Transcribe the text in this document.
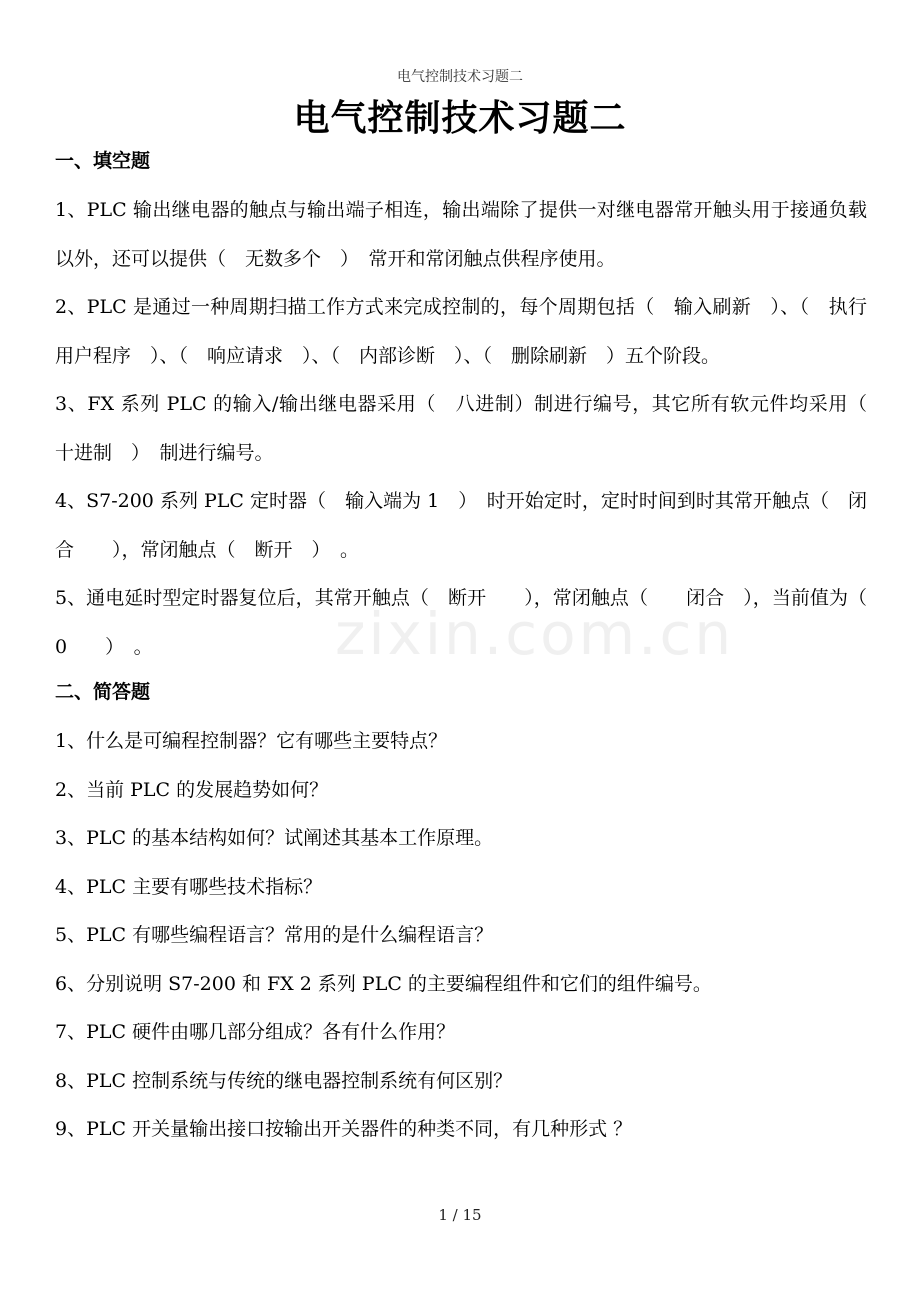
zixin.com.cn
电气控制技术习题二
电气控制技术习题二
一、填空题

1、PLC 输出继电器的触点与输出端子相连，输出端除了提供一对继电器常开触头用于接通负载以外，还可以提供（　无数多个　）　常开和常闭触点供程序使用。

2、PLC 是通过一种周期扫描工作方式来完成控制的，每个周期包括（　输入刷新　）、（　执行用户程序　）、（　响应请求　）、（　内部诊断　）、（　删除刷新　）五个阶段。

3、FX 系列 PLC 的输入/输出继电器采用（　八进制）制进行编号，其它所有软元件均采用（　十进制　）　制进行编号。

4、S7-200 系列 PLC 定时器（　输入端为 1　）　时开始定时，定时时间到时其常开触点（　闭合　　），常闭触点（　断开　）　。

5、通电延时型定时器复位后，其常开触点（　断开　　），常闭触点（　　闭合　），当前值为（　 0　　）　。

二、简答题

1、什么是可编程控制器？它有哪些主要特点？

2、当前 PLC 的发展趋势如何？

3、PLC 的基本结构如何？试阐述其基本工作原理。

4、PLC 主要有哪些技术指标？

5、PLC 有哪些编程语言？常用的是什么编程语言？

6、分别说明 S7-200 和 FX 2 系列 PLC 的主要编程组件和它们的组件编号。

7、PLC 硬件由哪几部分组成？各有什么作用？

8、PLC 控制系统与传统的继电器控制系统有何区别？

9、PLC 开关量输出接口按输出开关器件的种类不同，有几种形式 ？

1 / 15
